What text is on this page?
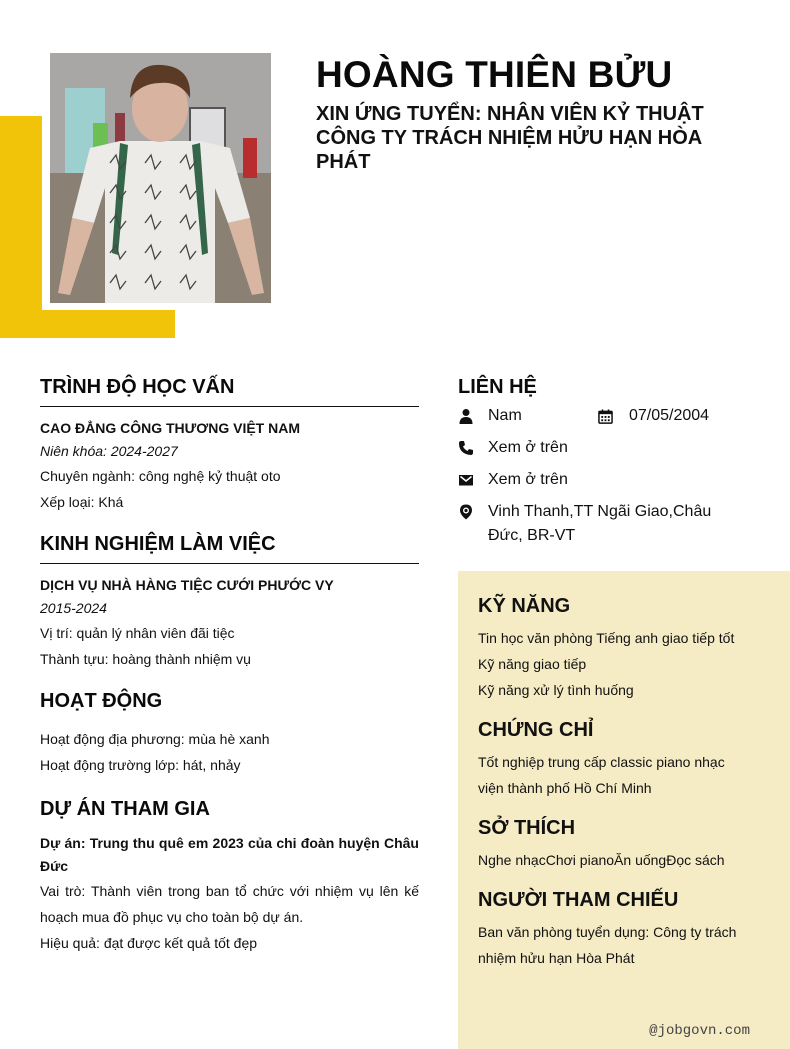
HOÀNG THIÊN BỬU
XIN ỨNG TUYỂN: NHÂN VIÊN KỶ THUẬT CÔNG TY TRÁCH NHIỆM HỬU HẠN HÒA PHÁT
TRÌNH ĐỘ HỌC VẤN
CAO ĐẲNG CÔNG THƯƠNG VIỆT NAM
Niên khóa: 2024-2027
Chuyên ngành: công nghệ kỷ thuật oto
Xếp loại: Khá
KINH NGHIỆM LÀM VIỆC
DỊCH VỤ NHÀ HÀNG TIỆC CƯỚI PHƯỚC VY
2015-2024
Vị trí: quản lý nhân viên đãi tiệc
Thành tựu: hoàng thành nhiệm vụ
HOẠT ĐỘNG
Hoạt động địa phương: mùa hè xanh
Hoạt động trường lớp: hát, nhảy
DỰ ÁN THAM GIA
Dự án: Trung thu quê em 2023 của chi đoàn huyện Châu Đức
Vai trò: Thành viên trong ban tổ chức với nhiệm vụ lên kế hoạch mua đồ phục vụ cho toàn bộ dự án.
Hiệu quả: đạt được kết quả tốt đẹp
LIÊN HỆ
Nam	07/05/2004
Xem ở trên
Xem ở trên
Vinh Thanh,TT Ngãi Giao,Châu Đức, BR-VT
KỸ NĂNG
Tin học văn phòng Tiếng anh giao tiếp tốt
Kỹ năng giao tiếp
Kỹ năng xử lý tình huống
CHỨNG CHỈ
Tốt nghiệp trung cấp classic piano nhạc viện thành phố Hồ Chí Minh
SỞ THÍCH
Nghe nhạcChơi pianoĂn uốngĐọc sách
NGƯỜI THAM CHIẾU
Ban văn phòng tuyển dụng: Công ty trách nhiệm hửu hạn Hòa Phát
@jobgovn.com
